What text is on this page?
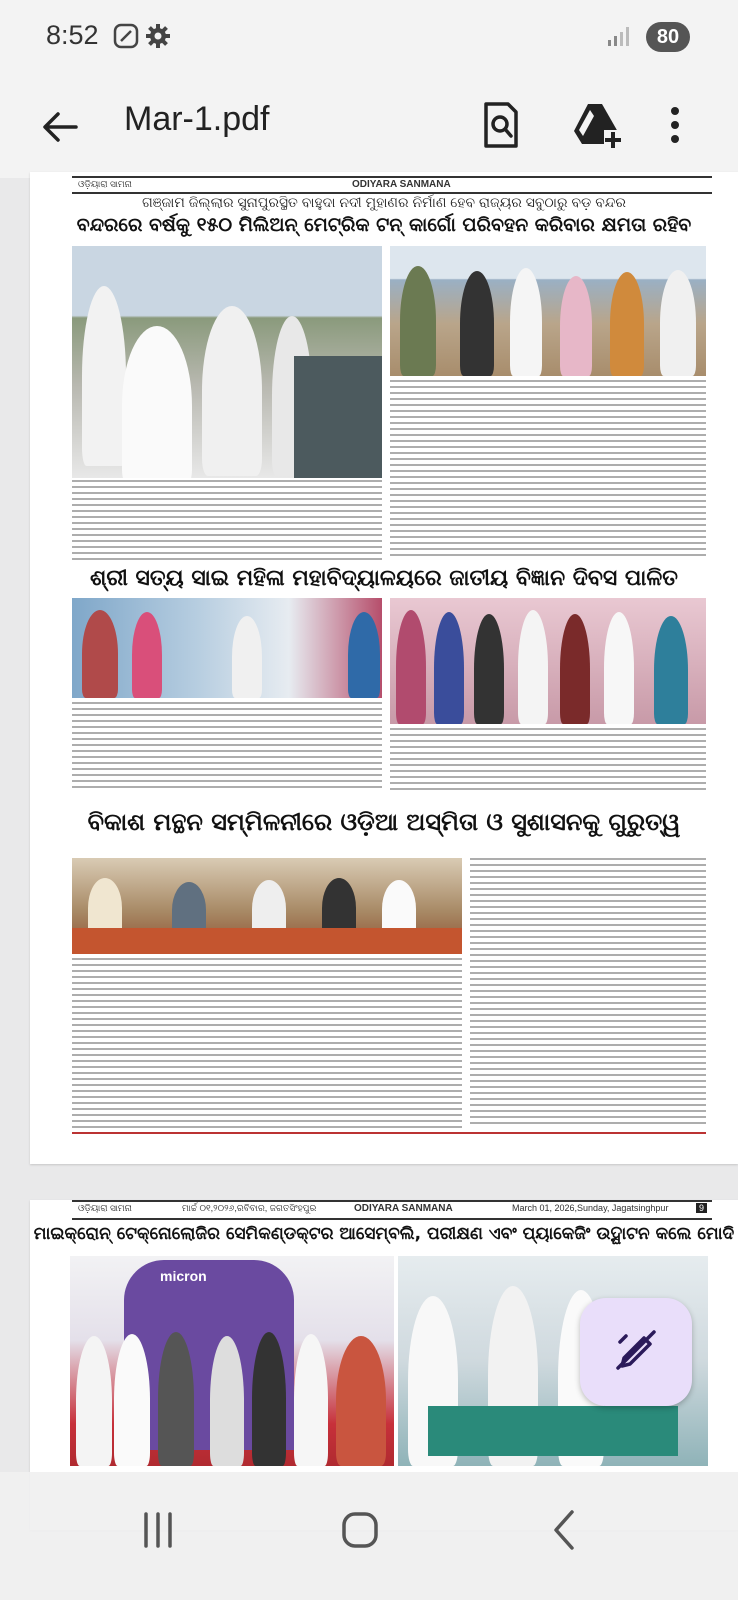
8:52	80
Mar-1.pdf
ଓଡ଼ିୟାରା ସାମନା	ODIYARA SANMANA
ଗଞ୍ଜାମ ଜିଲ୍ଲାର ସୁନାପୁରସ୍ଥିତ ବାହୁଦା ନଦୀ ମୁହାଣର ନିର୍ମାଣ ହେବ ରାଜ୍ୟର ସବୁଠାରୁ ବଡ଼ ବନ୍ଦର
ବନ୍ଦରରେ ବର୍ଷକୁ ୧୫୦ ମିଲିଅନ୍ ମେଟ୍ରିକ ଟନ୍ କାର୍ଗୋ ପରିବହନ କରିବାର କ୍ଷମତା ରହିବ
ଶ୍ରୀ ସତ୍ୟ ସାଇ ମହିଳା ମହାବିଦ୍ୟାଳୟରେ ଜାତୀୟ ବିଜ୍ଞାନ ଦିବସ ପାଳିତ
ବିକାଶ ମନ୍ଥନ ସମ୍ମିଳନୀରେ ଓଡ଼ିଆ ଅସ୍ମିତା ଓ ସୁଶାସନକୁ ଗୁରୁତ୍ୱ
ଓଡ଼ିୟାରା ସାମନା	ମାର୍ଚ୍ଚ ୦୧,୨୦୨୬,ରବିବାର, ଜଗତସିଂହପୁର	ODIYARA SANMANA	March 01, 2026,Sunday, Jagatsinghpur	9
ମାଇକ୍ରୋନ୍ ଟେକ୍ନୋଲୋଜିର ସେମିକଣ୍ଡକ୍ଟର ଆସେମ୍ବଲି, ପରୀକ୍ଷଣ ଏବଂ ପ୍ୟାକେଜିଂ ଉଦ୍ଘାଟନ କଲେ ମୋଦି
micron
